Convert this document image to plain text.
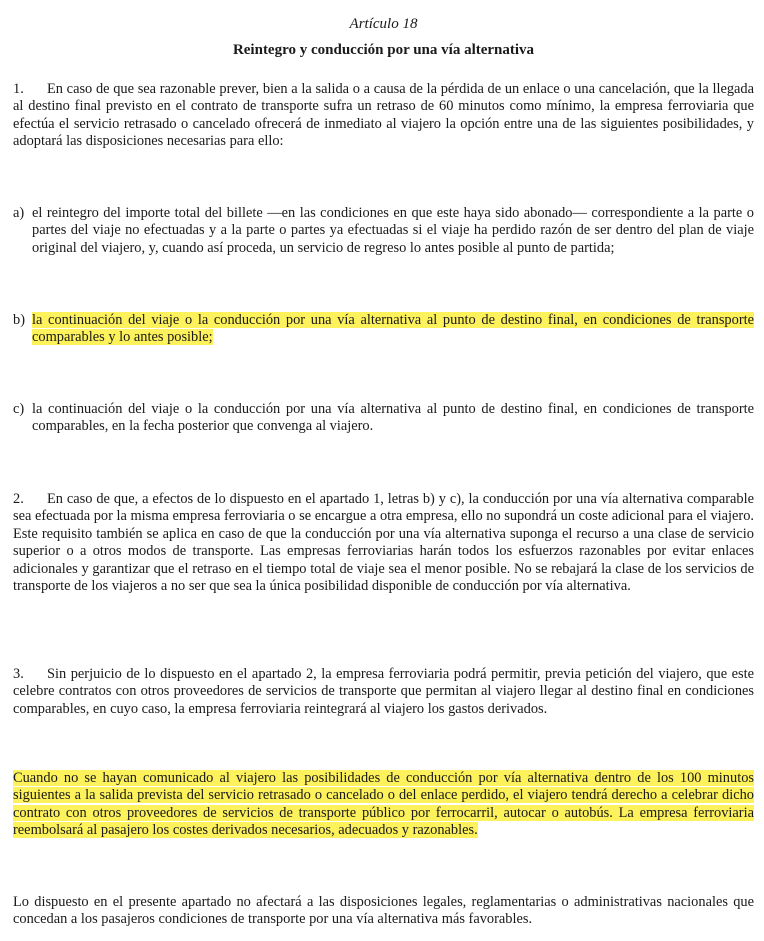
Artículo 18
Reintegro y conducción por una vía alternativa

1. En caso de que sea razonable prever, bien a la salida o a causa de la pérdida de un enlace o una cancelación, que la llegada al destino final previsto en el contrato de transporte sufra un retraso de 60 minutos como mínimo, la empresa ferroviaria que efectúa el servicio retrasado o cancelado ofrecerá de inmediato al viajero la opción entre una de las siguientes posibilidades, y adoptará las disposiciones necesarias para ello:

a) el reintegro del importe total del billete —en las condiciones en que este haya sido abonado— correspondiente a la parte o partes del viaje no efectuadas y a la parte o partes ya efectuadas si el viaje ha perdido razón de ser dentro del plan de viaje original del viajero, y, cuando así proceda, un servicio de regreso lo antes posible al punto de partida;
b) la continuación del viaje o la conducción por una vía alternativa al punto de destino final, en condiciones de transporte comparables y lo antes posible;
c) la continuación del viaje o la conducción por una vía alternativa al punto de destino final, en condiciones de transporte comparables, en la fecha posterior que convenga al viajero.

2. En caso de que, a efectos de lo dispuesto en el apartado 1, letras b) y c), la conducción por una vía alternativa comparable sea efectuada por la misma empresa ferroviaria o se encargue a otra empresa, ello no supondrá un coste adicional para el viajero. Este requisito también se aplica en caso de que la conducción por una vía alternativa suponga el recurso a una clase de servicio superior o a otros modos de transporte. Las empresas ferroviarias harán todos los esfuerzos razonables por evitar enlaces adicionales y garantizar que el retraso en el tiempo total de viaje sea el menor posible. No se rebajará la clase de los servicios de transporte de los viajeros a no ser que sea la única posibilidad disponible de conducción por vía alternativa.

3. Sin perjuicio de lo dispuesto en el apartado 2, la empresa ferroviaria podrá permitir, previa petición del viajero, que este celebre contratos con otros proveedores de servicios de transporte que permitan al viajero llegar al destino final en condiciones comparables, en cuyo caso, la empresa ferroviaria reintegrará al viajero los gastos derivados.

Cuando no se hayan comunicado al viajero las posibilidades de conducción por vía alternativa dentro de los 100 minutos siguientes a la salida prevista del servicio retrasado o cancelado o del enlace perdido, el viajero tendrá derecho a celebrar dicho contrato con otros proveedores de servicios de transporte público por ferrocarril, autocar o autobús. La empresa ferroviaria reembolsará al pasajero los costes derivados necesarios, adecuados y razonables.

Lo dispuesto en el presente apartado no afectará a las disposiciones legales, reglamentarias o administrativas nacionales que concedan a los pasajeros condiciones de transporte por una vía alternativa más favorables.
